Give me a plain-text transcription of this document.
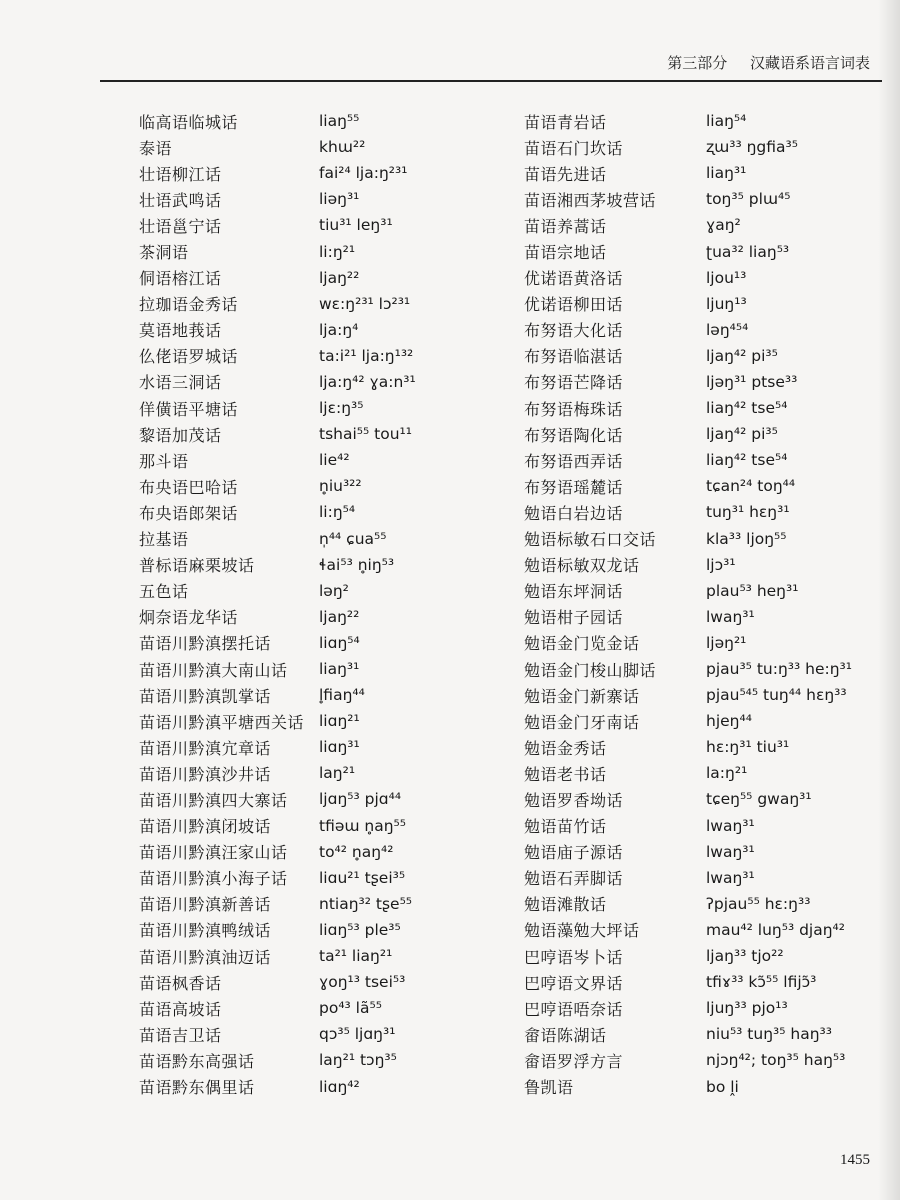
第三部分 汉藏语系语言词表
临高语临城话	liaŋ⁵⁵
泰语	khɯ²²
壮语柳江话	fai²⁴ lja:ŋ²³¹
壮语武鸣话	liəŋ³¹
壮语邕宁话	tiu³¹ leŋ³¹
茶洞语	li:ŋ²¹
侗语榕江话	ljaŋ²²
拉珈语金秀话	wɛ:ŋ²³¹ lɔ²³¹
莫语地莪话	lja:ŋ⁴
仫佬语罗城话	ta:i²¹ lja:ŋ¹³²
水语三洞话	lja:ŋ⁴² ɣa:n³¹
佯僙语平塘话	ljɛ:ŋ³⁵
黎语加茂话	tshai⁵⁵ tou¹¹
那斗语	lie⁴²
布央语巴哈话	n̥iu³²²
布央语郎架话	li:ŋ⁵⁴
拉基语	n̩⁴⁴ ɕua⁵⁵
普标语麻栗坡话	ɬai⁵³ n̥iŋ⁵³
五色话	ləŋ²
炯奈语龙华话	ljaŋ²²
苗语川黔滇摆托话	liɑŋ⁵⁴
苗语川黔滇大南山话	liaŋ³¹
苗语川黔滇凯掌话	l̥fiaŋ⁴⁴
苗语川黔滇平塘西关话 liɑŋ²¹
苗语川黔滇宂章话	liɑŋ³¹
苗语川黔滇沙井话	laŋ²¹
苗语川黔滇四大寨话	ljɑŋ⁵³ pjɑ⁴⁴
苗语川黔滇闭坡话	tfiəɯ n̥aŋ⁵⁵
苗语川黔滇汪家山话	to⁴² n̥aŋ⁴²
苗语川黔滇小海子话	liɑu²¹ tʂei³⁵
苗语川黔滇新善话	ntiaŋ³² tʂe⁵⁵
苗语川黔滇鸭绒话	liɑŋ⁵³ ple³⁵
苗语川黔滇油迈话	ta²¹ liaŋ²¹
苗语枫香话	ɣoŋ¹³ tsei⁵³
苗语高坡话	po⁴³ lã⁵⁵
苗语吉卫话	qɔ³⁵ ljɑŋ³¹
苗语黔东高强话	laŋ²¹ tɔŋ³⁵
苗语黔东偶里话	liɑŋ⁴²
苗语青岩话	liaŋ⁵⁴
苗语石门坎话	ʐɯ³³ ŋgfia³⁵
苗语先进话	liaŋ³¹
苗语湘西茅坡营话	toŋ³⁵ plɯ⁴⁵
苗语养蒿话	ɣaŋ²
苗语宗地话	ʈua³² liaŋ⁵³
优诺语黄洛话	ljou¹³
优诺语柳田话	ljuŋ¹³
布努语大化话	ləŋ⁴⁵⁴
布努语临湛话	ljaŋ⁴² pi³⁵
布努语芒降话	ljəŋ³¹ ptse³³
布努语梅珠话	liaŋ⁴² tse⁵⁴
布努语陶化话	ljaŋ⁴² pi³⁵
布努语西弄话	liaŋ⁴² tse⁵⁴
布努语瑶麓话	tɕan²⁴ toŋ⁴⁴
勉语白岩边话	tuŋ³¹ hɛŋ³¹
勉语标敏石口交话	kla³³ ljoŋ⁵⁵
勉语标敏双龙话	ljɔ³¹
勉语东坪洞话	plau⁵³ heŋ³¹
勉语柑子园话	lwaŋ³¹
勉语金门览金话	ljəŋ²¹
勉语金门梭山脚话	pjau³⁵ tu:ŋ³³ he:ŋ³¹
勉语金门新寨话	pjau⁵⁴⁵ tuŋ⁴⁴ hɛŋ³³
勉语金门牙南话	hjeŋ⁴⁴
勉语金秀话	hɛ:ŋ³¹ tiu³¹
勉语老书话	la:ŋ²¹
勉语罗香坳话	tɕeŋ⁵⁵ gwaŋ³¹
勉语苗竹话	lwaŋ³¹
勉语庙子源话	lwaŋ³¹
勉语石弄脚话	lwaŋ³¹
勉语滩散话	ʔpjau⁵⁵ hɛ:ŋ³³
勉语藻勉大坪话	mau⁴² luŋ⁵³ djaŋ⁴²
巴哼语岑卜话	ljaŋ³³ tjo²²
巴哼语文界话	tfiɤ³³ kɔ̃⁵⁵ lfijɔ̃³
巴哼语唔奈话	ljuŋ³³ pjo¹³
畲语陈湖话	niu⁵³ tuŋ³⁵ haŋ³³
畲语罗浮方言	njɔŋ⁴²; toŋ³⁵ haŋ⁵³
鲁凯语	bo ḽi
1455
